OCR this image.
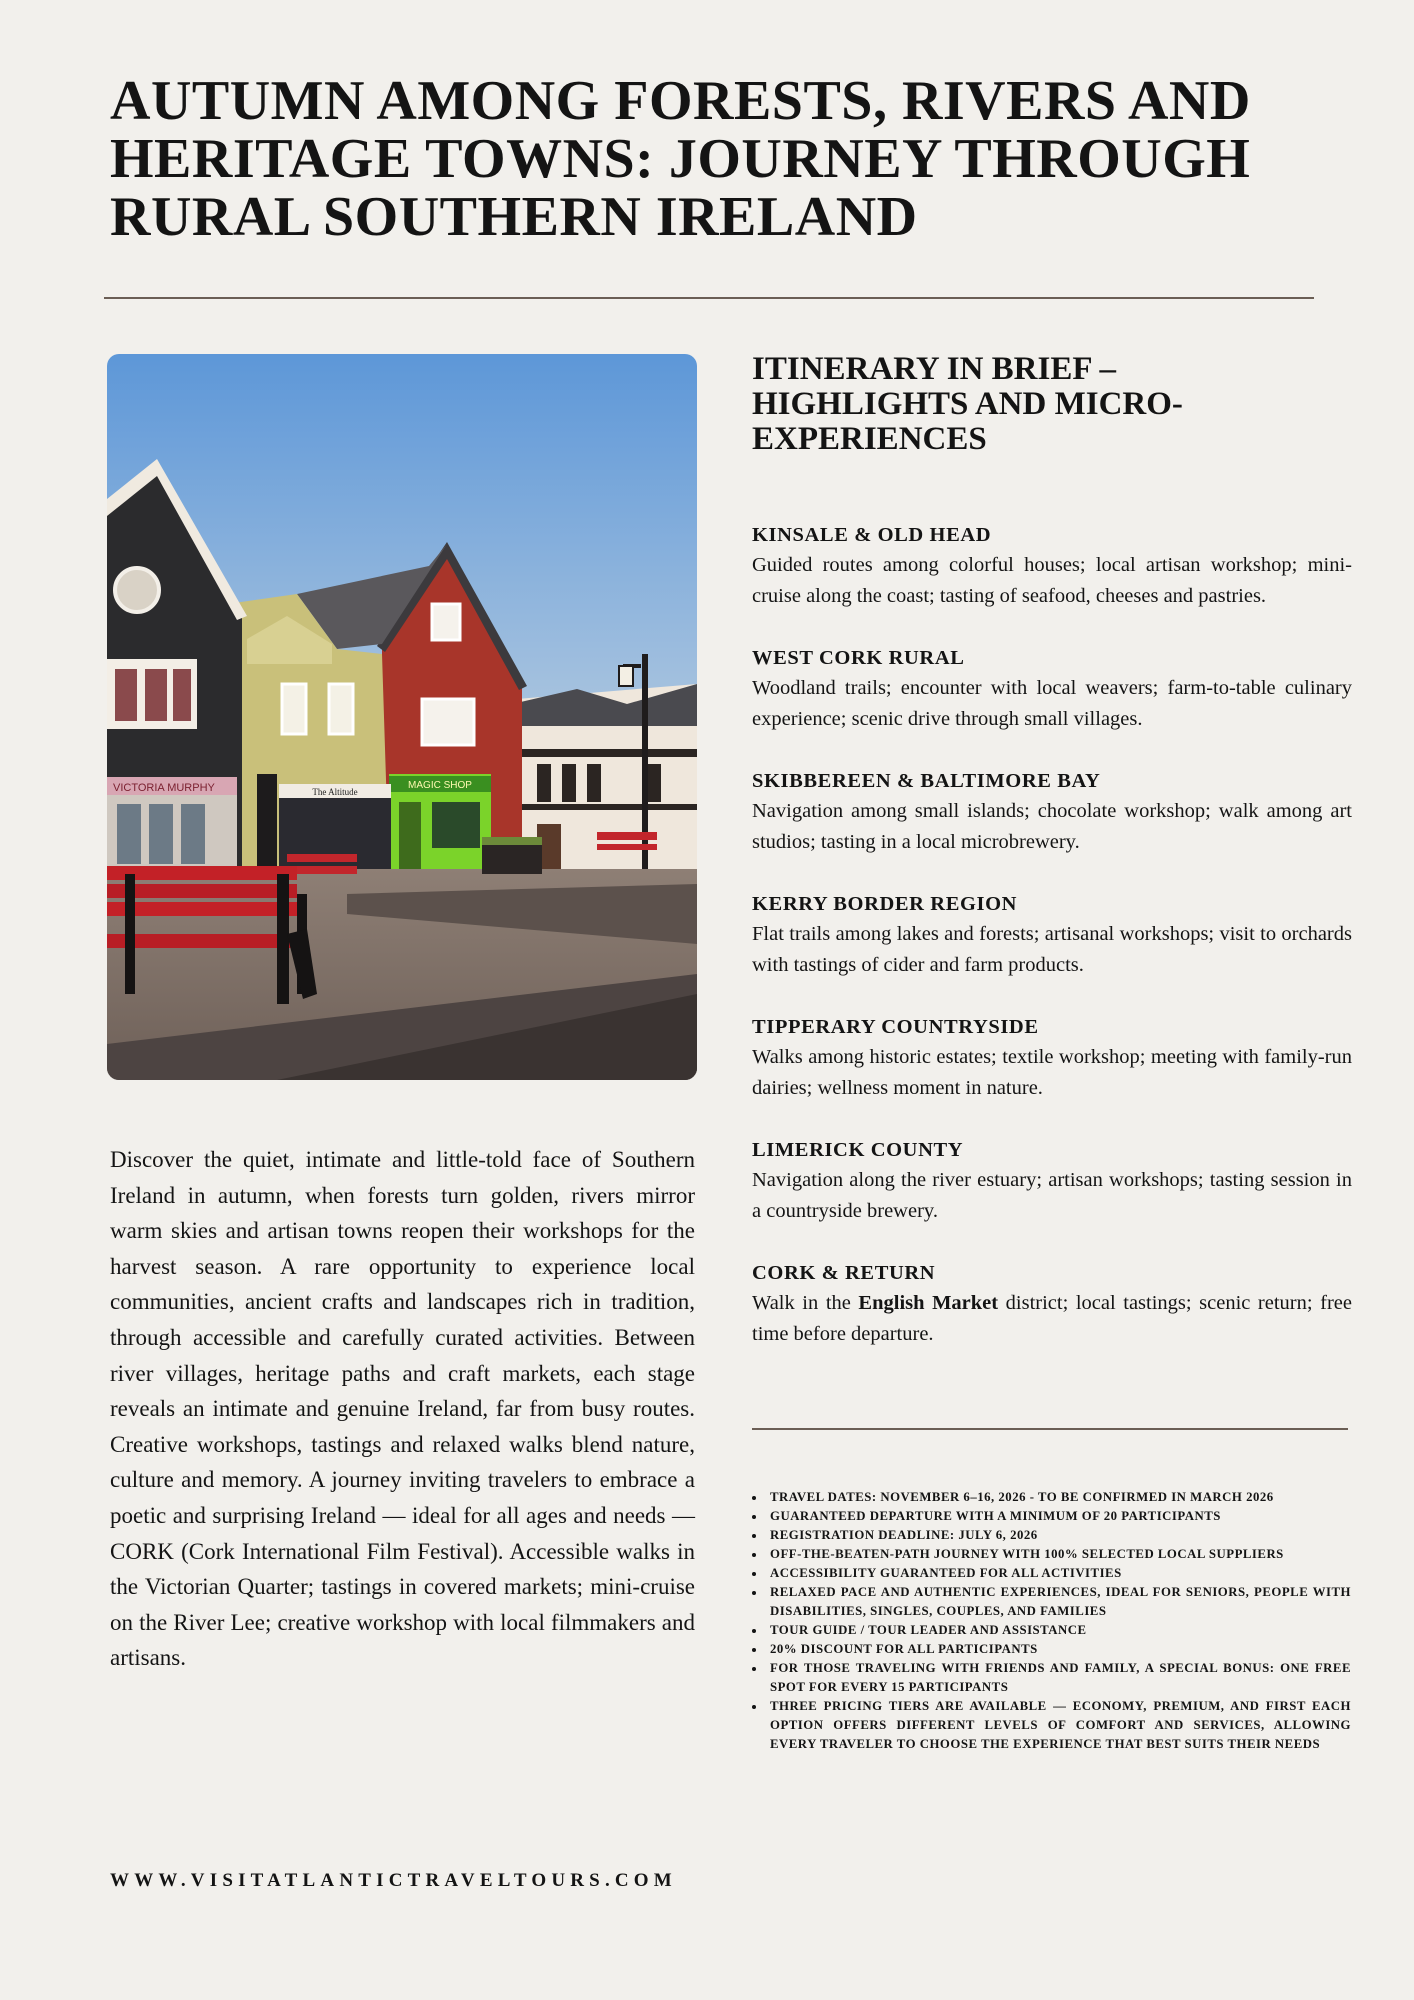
AUTUMN AMONG FORESTS, RIVERS AND HERITAGE TOWNS: JOURNEY THROUGH RURAL SOUTHERN IRELAND
MAGIC SHOP
The Altitude
VICTORIA MURPHY

Discover the quiet, intimate and little-told face of Southern Ireland in autumn, when forests turn golden, rivers mirror warm skies and artisan towns reopen their workshops for the harvest season. A rare opportunity to experience local communities, ancient crafts and landscapes rich in tradition, through accessible and carefully curated activities. Between river villages, heritage paths and craft markets, each stage reveals an intimate and genuine Ireland, far from busy routes. Creative workshops, tastings and relaxed walks blend nature, culture and memory. A journey inviting travelers to embrace a poetic and surprising Ireland — ideal for all ages and needs — CORK (Cork International Film Festival). Accessible walks in the Victorian Quarter; tastings in covered markets; mini-cruise on the River Lee; creative workshop with local filmmakers and artisans.

WWW.VISITATLANTICTRAVELTOURS.COM
ITINERARY IN BRIEF – HIGHLIGHTS AND MICRO-EXPERIENCES
KINSALE & OLD HEAD
Guided routes among colorful houses; local artisan workshop; mini-cruise along the coast; tasting of seafood, cheeses and pastries.
WEST CORK RURAL
Woodland trails; encounter with local weavers; farm-to-table culinary experience; scenic drive through small villages.
SKIBBEREEN & BALTIMORE BAY
Navigation among small islands; chocolate workshop; walk among art studios; tasting in a local microbrewery.
KERRY BORDER REGION
Flat trails among lakes and forests; artisanal workshops; visit to orchards with tastings of cider and farm products.
TIPPERARY COUNTRYSIDE
Walks among historic estates; textile workshop; meeting with family-run dairies; wellness moment in nature.
LIMERICK COUNTY
Navigation along the river estuary; artisan workshops; tasting session in a countryside brewery.
CORK & RETURN
Walk in the English Market district; local tastings; scenic return; free time before departure.
• TRAVEL DATES: NOVEMBER 6–16, 2026 - TO BE CONFIRMED IN MARCH 2026
• GUARANTEED DEPARTURE WITH A MINIMUM OF 20 PARTICIPANTS
• REGISTRATION DEADLINE: JULY 6, 2026
• OFF-THE-BEATEN-PATH JOURNEY WITH 100% SELECTED LOCAL SUPPLIERS
• ACCESSIBILITY GUARANTEED FOR ALL ACTIVITIES
• RELAXED PACE AND AUTHENTIC EXPERIENCES, IDEAL FOR SENIORS, PEOPLE WITH DISABILITIES, SINGLES, COUPLES, AND FAMILIES
• TOUR GUIDE / TOUR LEADER AND ASSISTANCE
• 20% DISCOUNT FOR ALL PARTICIPANTS
• FOR THOSE TRAVELING WITH FRIENDS AND FAMILY, A SPECIAL BONUS: ONE FREE SPOT FOR EVERY 15 PARTICIPANTS
• THREE PRICING TIERS ARE AVAILABLE — ECONOMY, PREMIUM, AND FIRST EACH OPTION OFFERS DIFFERENT LEVELS OF COMFORT AND SERVICES, ALLOWING EVERY TRAVELER TO CHOOSE THE EXPERIENCE THAT BEST SUITS THEIR NEEDS
